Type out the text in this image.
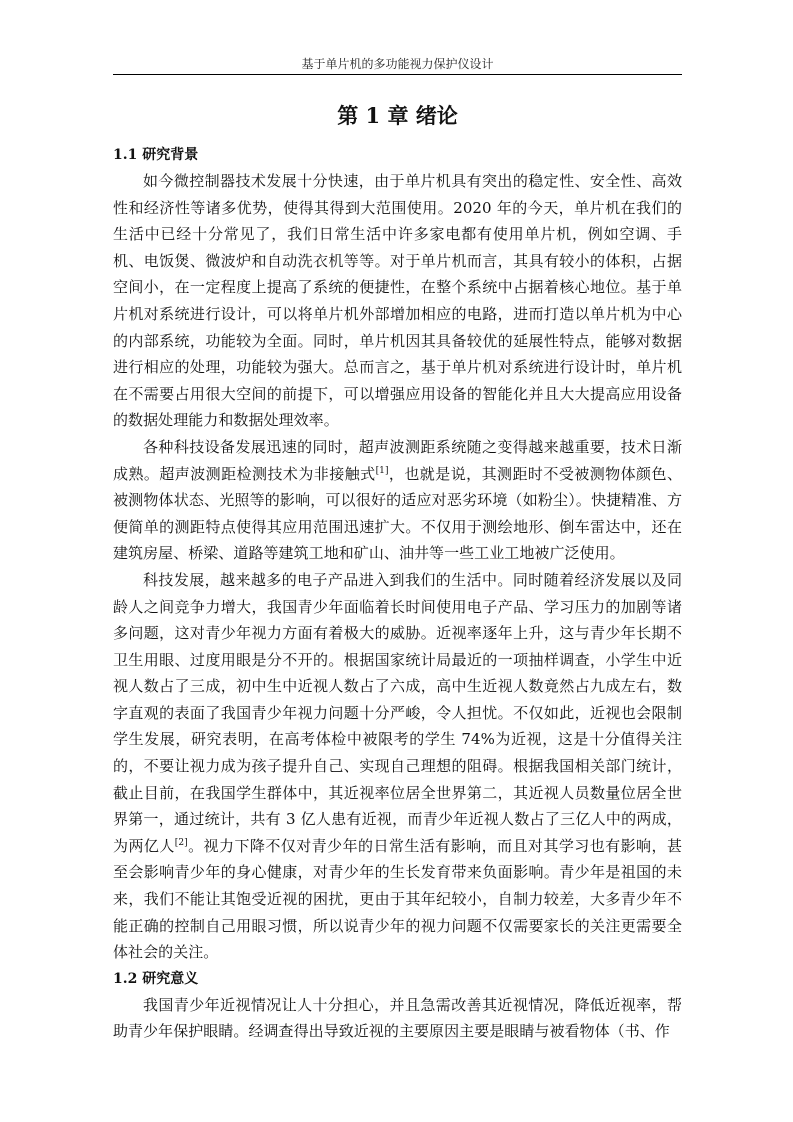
基于单片机的多功能视力保护仪设计
第 1 章 绪论
1.1 研究背景

如今微控制器技术发展十分快速，由于单片机具有突出的稳定性、安全性、高效性和经济性等诸多优势，使得其得到大范围使用。2020 年的今天，单片机在我们的生活中已经十分常见了，我们日常生活中许多家电都有使用单片机，例如空调、手机、电饭煲、微波炉和自动洗衣机等等。对于单片机而言，其具有较小的体积，占据空间小，在一定程度上提高了系统的便捷性，在整个系统中占据着核心地位。基于单片机对系统进行设计，可以将单片机外部增加相应的电路，进而打造以单片机为中心的内部系统，功能较为全面。同时，单片机因其具备较优的延展性特点，能够对数据进行相应的处理，功能较为强大。总而言之，基于单片机对系统进行设计时，单片机在不需要占用很大空间的前提下，可以增强应用设备的智能化并且大大提高应用设备的数据处理能力和数据处理效率。

各种科技设备发展迅速的同时，超声波测距系统随之变得越来越重要，技术日渐成熟。超声波测距检测技术为非接触式[1]，也就是说，其测距时不受被测物体颜色、被测物体状态、光照等的影响，可以很好的适应对恶劣环境（如粉尘）。快捷精准、方便简单的测距特点使得其应用范围迅速扩大。不仅用于测绘地形、倒车雷达中，还在建筑房屋、桥梁、道路等建筑工地和矿山、油井等一些工业工地被广泛使用。

科技发展，越来越多的电子产品进入到我们的生活中。同时随着经济发展以及同龄人之间竞争力增大，我国青少年面临着长时间使用电子产品、学习压力的加剧等诸多问题，这对青少年视力方面有着极大的威胁。近视率逐年上升，这与青少年长期不卫生用眼、过度用眼是分不开的。根据国家统计局最近的一项抽样调查，小学生中近视人数占了三成，初中生中近视人数占了六成，高中生近视人数竟然占九成左右，数字直观的表面了我国青少年视力问题十分严峻，令人担忧。不仅如此，近视也会限制学生发展，研究表明，在高考体检中被限考的学生 74%为近视，这是十分值得关注的，不要让视力成为孩子提升自己、实现自己理想的阻碍。根据我国相关部门统计，截止目前，在我国学生群体中，其近视率位居全世界第二，其近视人员数量位居全世界第一，通过统计，共有 3 亿人患有近视，而青少年近视人数占了三亿人中的两成，为两亿人[2]。视力下降不仅对青少年的日常生活有影响，而且对其学习也有影响，甚至会影响青少年的身心健康，对青少年的生长发育带来负面影响。青少年是祖国的未来，我们不能让其饱受近视的困扰，更由于其年纪较小，自制力较差，大多青少年不能正确的控制自己用眼习惯，所以说青少年的视力问题不仅需要家长的关注更需要全体社会的关注。

1.2 研究意义

我国青少年近视情况让人十分担心，并且急需改善其近视情况，降低近视率，帮助青少年保护眼睛。经调查得出导致近视的主要原因主要是眼睛与被看物体（书、作
